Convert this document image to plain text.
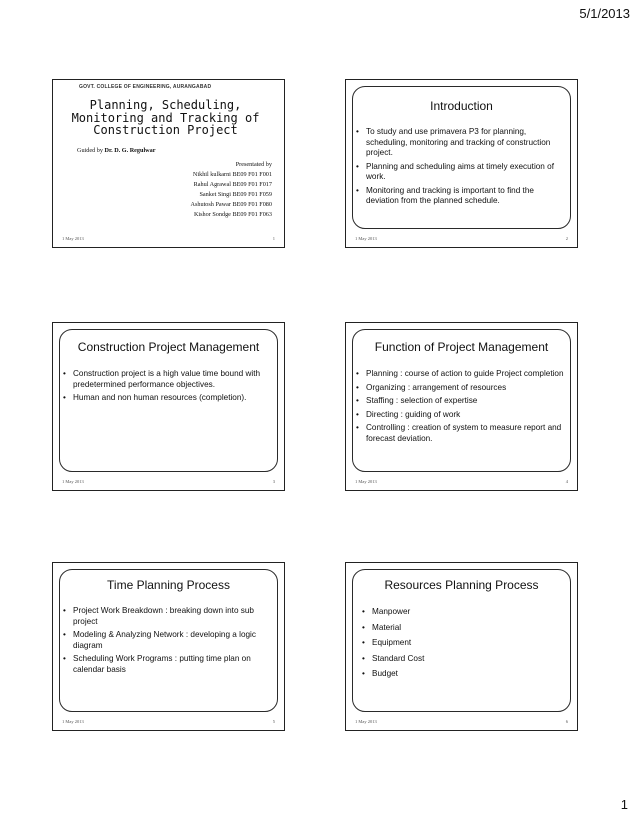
5/1/2013
GOVT. COLLEGE OF ENGINEERING, AURANGABAD
Planning, Scheduling,
Monitoring and Tracking of
Construction Project
Guided by Dr. D. G. Regulwar
Presentated by
Nikhil kulkarni BE09 F01 F001
Rahul Agrawal BE09 F01 F017
Sanket Singi BE09 F01 F059
Ashutosh Pawar BE09 F01 F080
Kishor Sondge BE09 F01 F063
1 May 2013	1
Introduction
• To study and use primavera P3 for planning, scheduling, monitoring and tracking of construction project.
• Planning and scheduling aims at timely execution of work.
• Monitoring and tracking is important to find the deviation from the planned schedule.
1 May 2013	2
Construction Project Management
• Construction project is a high value time bound with predetermined performance objectives.
• Human and non human resources (completion).
1 May 2013	3
Function of Project Management
• Planning : course of action to guide Project completion
• Organizing : arrangement of resources
• Staffing : selection of expertise
• Directing : guiding of work
• Controlling : creation of system to measure report and forecast deviation.
1 May 2013	4
Time Planning Process
• Project Work Breakdown : breaking down into sub project
• Modeling & Analyzing Network : developing a logic diagram
• Scheduling Work Programs : putting time plan on calendar basis
1 May 2013	5
Resources Planning Process
• Manpower
• Material
• Equipment
• Standard Cost
• Budget
1 May 2013	6
1
